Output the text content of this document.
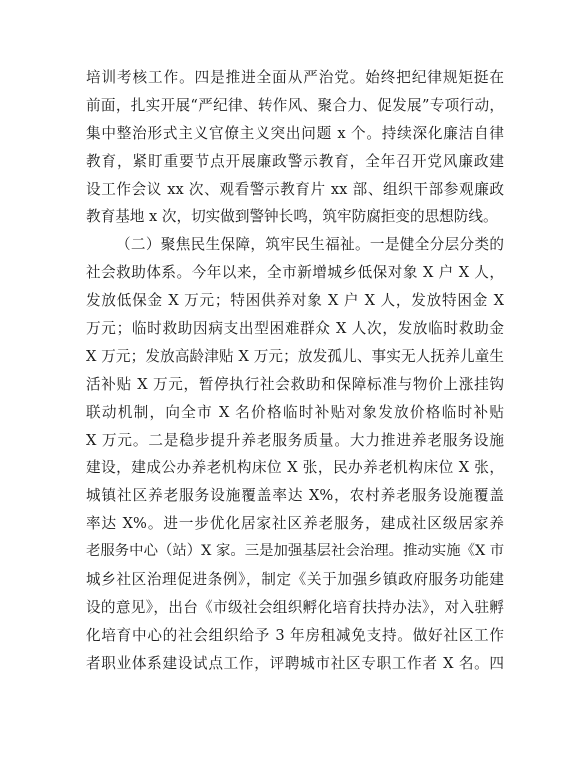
培训考核工作。四是推进全面从严治党。始终把纪律规矩挺在
前面，扎实开展“严纪律、转作风、聚合力、促发展”专项行动，
集中整治形式主义官僚主义突出问题 x 个。持续深化廉洁自律
教育，紧盯重要节点开展廉政警示教育，全年召开党风廉政建
设工作会议 xx 次、观看警示教育片 xx 部、组织干部参观廉政
教育基地 x 次，切实做到警钟长鸣，筑牢防腐拒变的思想防线。
（二）聚焦民生保障，筑牢民生福祉。一是健全分层分类的
社会救助体系。今年以来，全市新增城乡低保对象 X 户 X 人，
发放低保金 X 万元；特困供养对象 X 户 X 人，发放特困金 X
万元；临时救助因病支出型困难群众 X 人次，发放临时救助金
X 万元；发放高龄津贴 X 万元；放发孤儿、事实无人抚养儿童生
活补贴 X 万元，暂停执行社会救助和保障标准与物价上涨挂钩
联动机制，向全市 X 名价格临时补贴对象发放价格临时补贴
X 万元。二是稳步提升养老服务质量。大力推进养老服务设施
建设，建成公办养老机构床位 X 张，民办养老机构床位 X 张，
城镇社区养老服务设施覆盖率达 X%，农村养老服务设施覆盖
率达 X%。进一步优化居家社区养老服务，建成社区级居家养
老服务中心（站）X 家。三是加强基层社会治理。推动实施《X 市
城乡社区治理促进条例》，制定《关于加强乡镇政府服务功能建
设的意见》，出台《市级社会组织孵化培育扶持办法》，对入驻孵
化培育中心的社会组织给予 3 年房租减免支持。做好社区工作
者职业体系建设试点工作，评聘城市社区专职工作者 X 名。四
